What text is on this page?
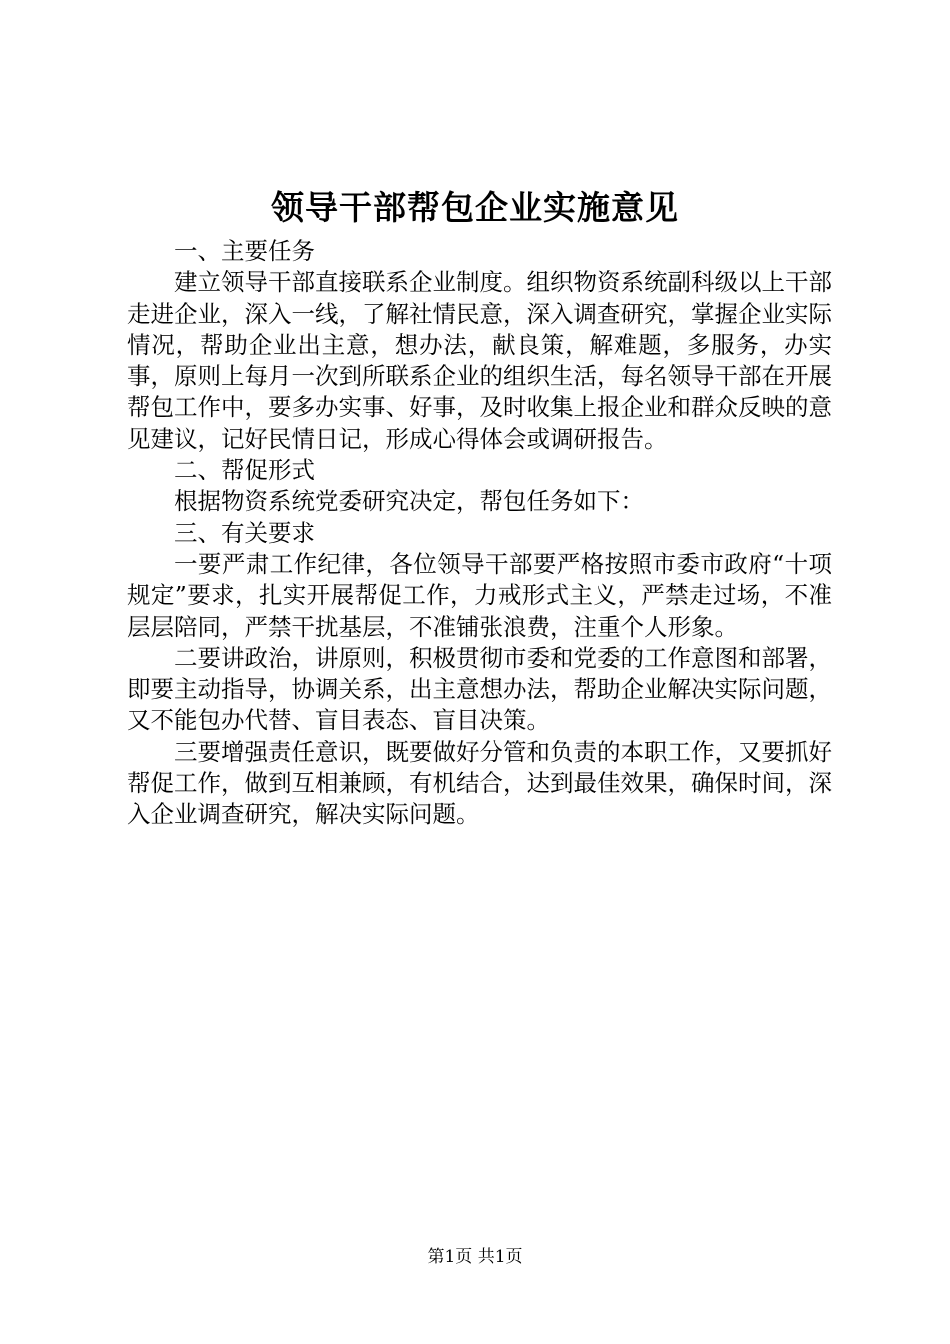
领导干部帮包企业实施意见

一、主要任务

建立领导干部直接联系企业制度。组织物资系统副科级以上干部走进企业，深入一线，了解社情民意，深入调查研究，掌握企业实际情况，帮助企业出主意，想办法，献良策，解难题，多服务，办实事，原则上每月一次到所联系企业的组织生活，每名领导干部在开展帮包工作中，要多办实事、好事，及时收集上报企业和群众反映的意见建议，记好民情日记，形成心得体会或调研报告。

二、帮促形式

根据物资系统党委研究决定，帮包任务如下：

三、有关要求

一要严肃工作纪律，各位领导干部要严格按照市委市政府“十项规定”要求，扎实开展帮促工作，力戒形式主义，严禁走过场，不准层层陪同，严禁干扰基层，不准铺张浪费，注重个人形象。

二要讲政治，讲原则，积极贯彻市委和党委的工作意图和部署，即要主动指导，协调关系，出主意想办法，帮助企业解决实际问题，又不能包办代替、盲目表态、盲目决策。

三要增强责任意识，既要做好分管和负责的本职工作，又要抓好帮促工作，做到互相兼顾，有机结合，达到最佳效果，确保时间，深入企业调查研究，解决实际问题。

第1页 共1页
